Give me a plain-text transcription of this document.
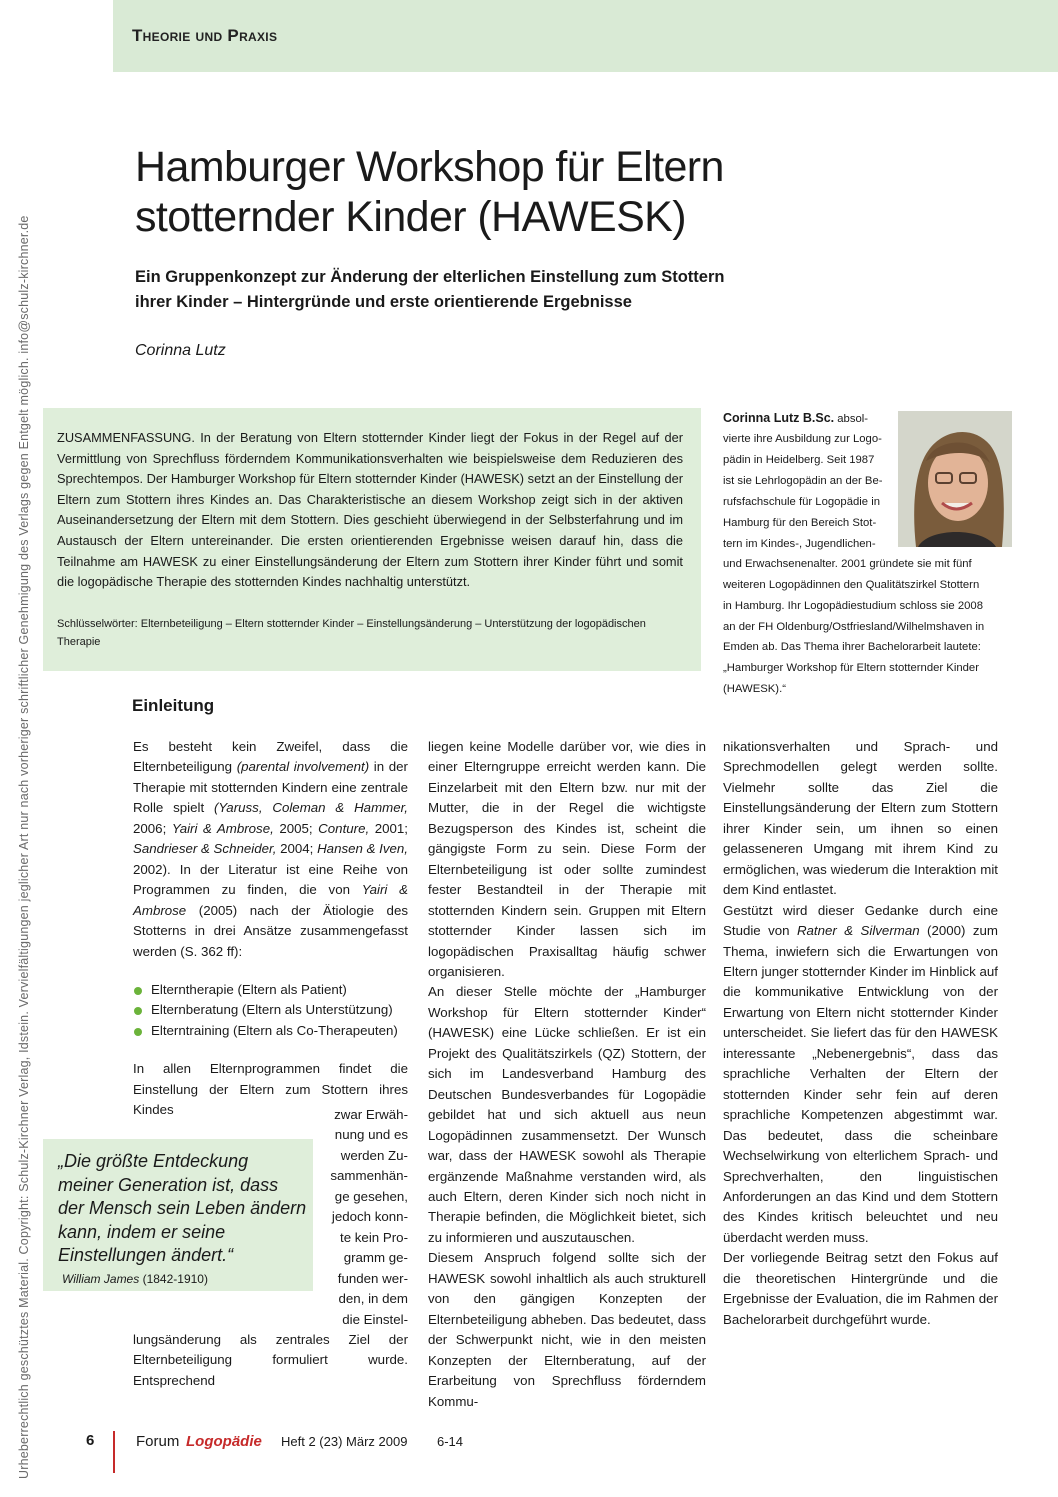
Theorie und Praxis
Urheberrechtlich geschütztes Material. Copyright: Schulz-Kirchner Verlag, Idstein. Vervielfältigungen jeglicher Art nur nach vorheriger schriftlicher Genehmigung des Verlags gegen Entgelt möglich. info@schulz-kirchner.de
Hamburger Workshop für Eltern
stotternder Kinder (HAWESK)
Ein Gruppenkonzept zur Änderung der elterlichen Einstellung zum Stottern
ihrer Kinder – Hintergründe und erste orientierende Ergebnisse
Corinna Lutz
ZUSAMMENFASSUNG. In der Beratung von Eltern stotternder Kinder liegt der Fokus in der Regel auf der Vermittlung von Sprechfluss förderndem Kommunikationsverhalten wie beispielsweise dem Reduzieren des Sprechtempos. Der Hamburger Workshop für Eltern stotternder Kinder (HAWESK) setzt an der Einstellung der Eltern zum Stottern ihres Kindes an. Das Charakteristische an diesem Workshop zeigt sich in der aktiven Auseinandersetzung der Eltern mit dem Stottern. Dies geschieht überwiegend in der Selbsterfahrung und im Austausch der Eltern untereinander. Die ersten orientierenden Ergebnisse weisen darauf hin, dass die Teilnahme am HAWESK zu einer Einstellungsänderung der Eltern zum Stottern ihrer Kinder führt und somit die logopädische Therapie des stotternden Kindes nachhaltig unterstützt.
Schlüsselwörter: Elternbeteiligung – Eltern stotternder Kinder – Einstellungsänderung – Unterstützung der logopädischen Therapie
Corinna Lutz B.Sc. absol-
vierte ihre Ausbildung zur Logo-
pädin in Heidelberg. Seit 1987
ist sie Lehrlogopädin an der Be-
rufsfachschule für Logopädie in
Hamburg für den Bereich Stot-
tern im Kindes-, Jugendlichen-
und Erwachsenenalter. 2001 gründete sie mit fünf
weiteren Logopädinnen den Qualitätszirkel Stottern
in Hamburg. Ihr Logopädiestudium schloss sie 2008
an der FH Oldenburg/Ostfriesland/Wilhelmshaven in
Emden ab. Das Thema ihrer Bachelorarbeit lautete:
„Hamburger Workshop für Eltern stotternder Kinder
(HAWESK).“
Einleitung

Es besteht kein Zweifel, dass die Elternbeteiligung (parental involvement) in der Therapie mit stotternden Kindern eine zentrale Rolle spielt (Yaruss, Coleman & Hammer, 2006; Yairi & Ambrose, 2005; Conture, 2001; Sandrieser & Schneider, 2004; Hansen & Iven, 2002). In der Literatur ist eine Reihe von Programmen zu finden, die von Yairi & Ambrose (2005) nach der Ätiologie des Stotterns in drei Ansätze zusammengefasst werden (S. 362 ff):

Elterntherapie (Eltern als Patient)
Elternberatung (Eltern als Unterstützung)
Elterntraining (Eltern als Co-Therapeuten)

In allen Elternprogrammen findet die Einstellung der Eltern zum Stottern ihres Kindes	zwar Erwäh-
nung und es
werden Zu-
sammenhän-
ge gesehen,
jedoch konn-
te kein Pro-
gramm ge-
funden wer-
den, in dem
die Einstel-
lungsänderung als zentrales Ziel der Elternbeteiligung formuliert wurde. Entsprechend
„Die größte Entdeckung meiner Generation ist, dass der Mensch sein Leben ändern kann, indem er seine Einstellungen ändert.“
William James (1842-1910)

liegen keine Modelle darüber vor, wie dies in einer Elterngruppe erreicht werden kann. Die Einzelarbeit mit den Eltern bzw. nur mit der Mutter, die in der Regel die wichtigste Bezugsperson des Kindes ist, scheint die gängigste Form zu sein. Diese Form der Elternbeteiligung ist oder sollte zumindest fester Bestandteil in der Therapie mit stotternden Kindern sein. Gruppen mit Eltern stotternder Kinder lassen sich im logopädischen Praxisalltag häufig schwer organisieren.

An dieser Stelle möchte der „Hamburger Workshop für Eltern stotternder Kinder“ (HAWESK) eine Lücke schließen. Er ist ein Projekt des Qualitätszirkels (QZ) Stottern, der sich im Landesverband Hamburg des Deutschen Bundesverbandes für Logopädie gebildet hat und sich aktuell aus neun Logopädinnen zusammensetzt. Der Wunsch war, dass der HAWESK sowohl als Therapie ergänzende Maßnahme verstanden wird, als auch Eltern, deren Kinder sich noch nicht in Therapie befinden, die Möglichkeit bietet, sich zu informieren und auszutauschen.

Diesem Anspruch folgend sollte sich der HAWESK sowohl inhaltlich als auch strukturell von den gängigen Konzepten der Elternbeteiligung abheben. Das bedeutet, dass der Schwerpunkt nicht, wie in den meisten Konzepten der Elternberatung, auf der Erarbeitung von Sprechfluss förderndem Kommu-

nikationsverhalten und Sprach- und Sprechmodellen gelegt werden sollte. Vielmehr sollte das Ziel die Einstellungsänderung der Eltern zum Stottern ihrer Kinder sein, um ihnen so einen gelasseneren Umgang mit ihrem Kind zu ermöglichen, was wiederum die Interaktion mit dem Kind entlastet.

Gestützt wird dieser Gedanke durch eine Studie von Ratner & Silverman (2000) zum Thema, inwiefern sich die Erwartungen von Eltern junger stotternder Kinder im Hinblick auf die kommunikative Entwicklung von der Erwartung von Eltern nicht stotternder Kinder unterscheidet. Sie liefert das für den HAWESK interessante „Nebenergebnis“, dass das sprachliche Verhalten der Eltern der stotternden Kinder sehr fein auf deren sprachliche Kompetenzen abgestimmt war. Das bedeutet, dass die scheinbare Wechselwirkung von elterlichem Sprach- und Sprechverhalten, den linguistischen Anforderungen an das Kind und dem Stottern des Kindes kritisch beleuchtet und neu überdacht werden muss.

Der vorliegende Beitrag setzt den Fokus auf die theoretischen Hintergründe und die Ergebnisse der Evaluation, die im Rahmen der Bachelorarbeit durchgeführt wurde.

6	Forum Logopädie Heft 2 (23) März 2009 6-14
